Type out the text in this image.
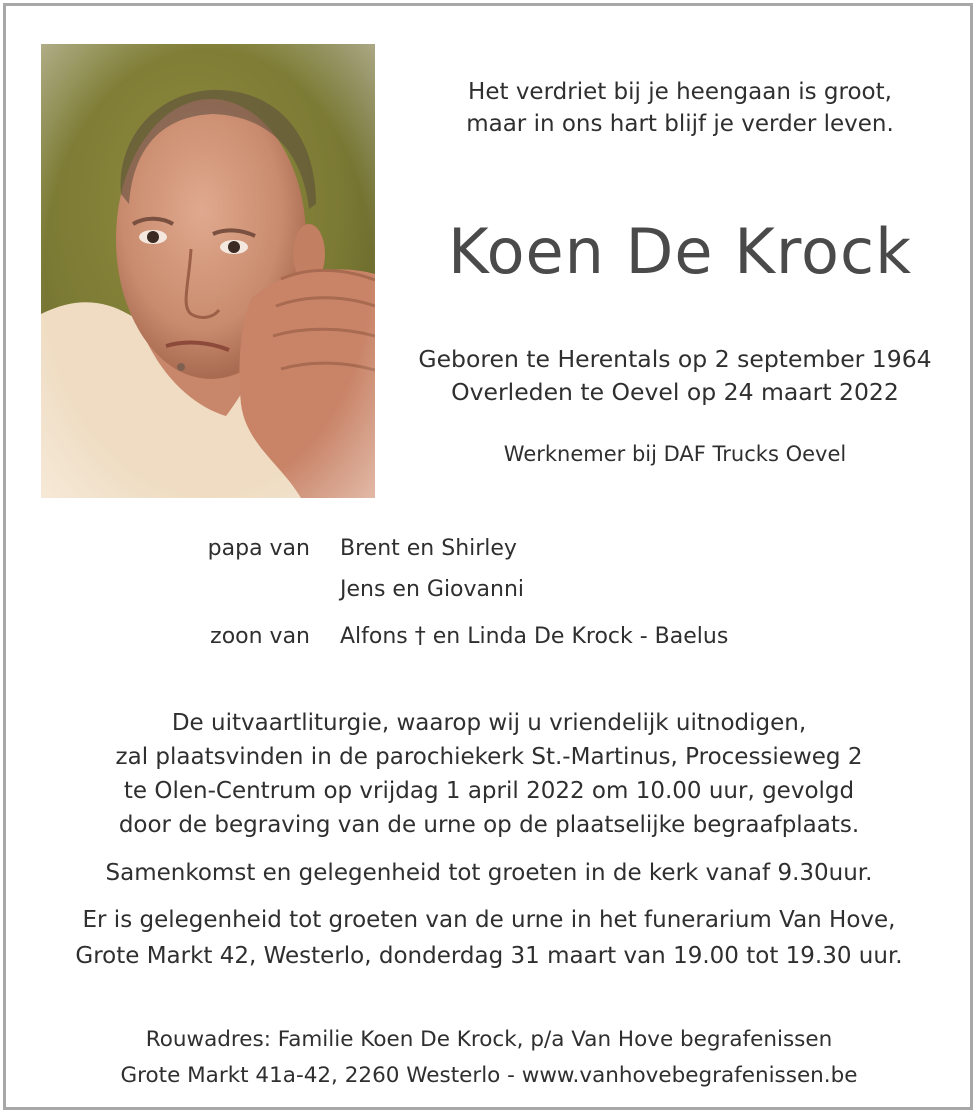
Het verdriet bij je heengaan is groot,
maar in ons hart blijf je verder leven.
Koen De Krock
Geboren te Herentals op 2 september 1964
Overleden te Oevel op 24 maart 2022
Werknemer bij DAF Trucks Oevel
papa van Brent en Shirley
Jens en Giovanni
zoon van Alfons † en Linda De Krock - Baelus
De uitvaartliturgie, waarop wij u vriendelijk uitnodigen,
zal plaatsvinden in de parochiekerk St.-Martinus, Processieweg 2
te Olen-Centrum op vrijdag 1 april 2022 om 10.00 uur, gevolgd
door de begraving van de urne op de plaatselijke begraafplaats.
Samenkomst en gelegenheid tot groeten in de kerk vanaf 9.30uur.
Er is gelegenheid tot groeten van de urne in het funerarium Van Hove,
Grote Markt 42, Westerlo, donderdag 31 maart van 19.00 tot 19.30 uur.
Rouwadres: Familie Koen De Krock, p/a Van Hove begrafenissen
Grote Markt 41a-42, 2260 Westerlo - www.vanhovebegrafenissen.be
